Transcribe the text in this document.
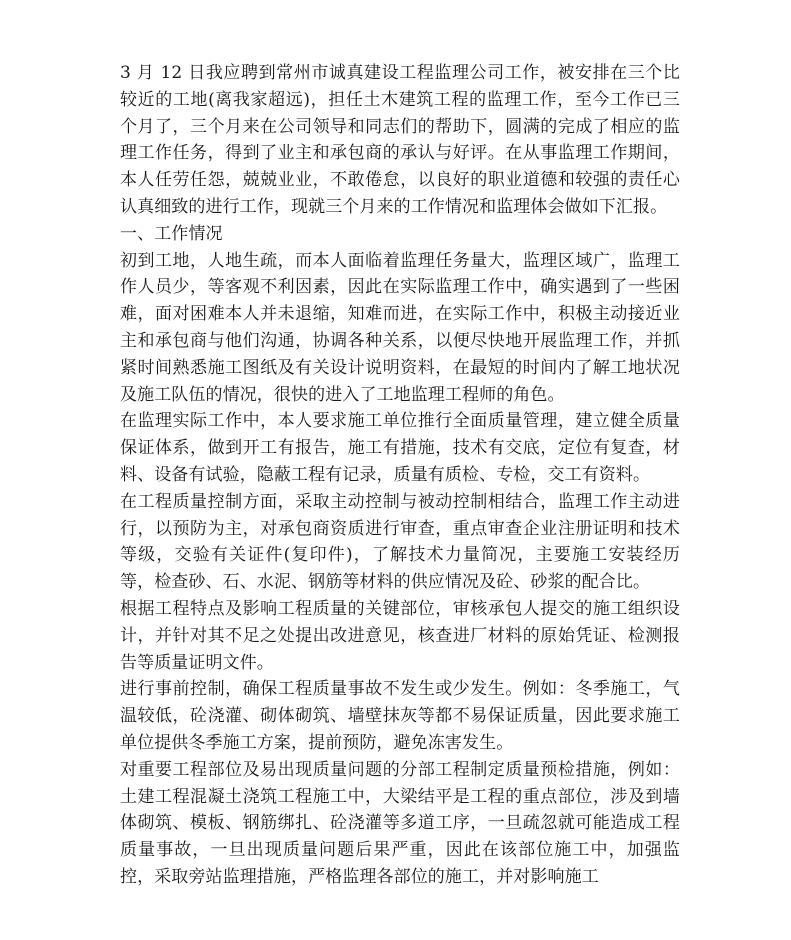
3 月 12 日我应聘到常州市诚真建设工程监理公司工作，被安排在三个比较近的工地(离我家超远)，担任土木建筑工程的监理工作，至今工作已三个月了，三个月来在公司领导和同志们的帮助下，圆满的完成了相应的监理工作任务，得到了业主和承包商的承认与好评。在从事监理工作期间，本人任劳任怨，兢兢业业，不敢倦怠，以良好的职业道德和较强的责任心认真细致的进行工作，现就三个月来的工作情况和监理体会做如下汇报。

一、工作情况

初到工地，人地生疏，而本人面临着监理任务量大，监理区域广，监理工作人员少，等客观不利因素，因此在实际监理工作中，确实遇到了一些困难，面对困难本人并未退缩，知难而进，在实际工作中，积极主动接近业主和承包商与他们沟通，协调各种关系，以便尽快地开展监理工作，并抓紧时间熟悉施工图纸及有关设计说明资料，在最短的时间内了解工地状况及施工队伍的情况，很快的进入了工地监理工程师的角色。

在监理实际工作中，本人要求施工单位推行全面质量管理，建立健全质量保证体系，做到开工有报告，施工有措施，技术有交底，定位有复查，材料、设备有试验，隐蔽工程有记录，质量有质检、专检，交工有资料。

在工程质量控制方面，采取主动控制与被动控制相结合，监理工作主动进行，以预防为主，对承包商资质进行审查，重点审查企业注册证明和技术等级，交验有关证件(复印件)，了解技术力量简况，主要施工安装经历等，检查砂、石、水泥、钢筋等材料的供应情况及砼、砂浆的配合比。

根据工程特点及影响工程质量的关键部位，审核承包人提交的施工组织设计，并针对其不足之处提出改进意见，核查进厂材料的原始凭证、检测报告等质量证明文件。

进行事前控制，确保工程质量事故不发生或少发生。例如：冬季施工，气温较低，砼浇灌、砌体砌筑、墙壁抹灰等都不易保证质量，因此要求施工单位提供冬季施工方案，提前预防，避免冻害发生。

对重要工程部位及易出现质量问题的分部工程制定质量预检措施，例如：土建工程混凝土浇筑工程施工中，大梁结平是工程的重点部位，涉及到墙体砌筑、模板、钢筋绑扎、砼浇灌等多道工序，一旦疏忽就可能造成工程质量事故，一旦出现质量问题后果严重，因此在该部位施工中，加强监控，采取旁站监理措施，严格监理各部位的施工，并对影响施工
